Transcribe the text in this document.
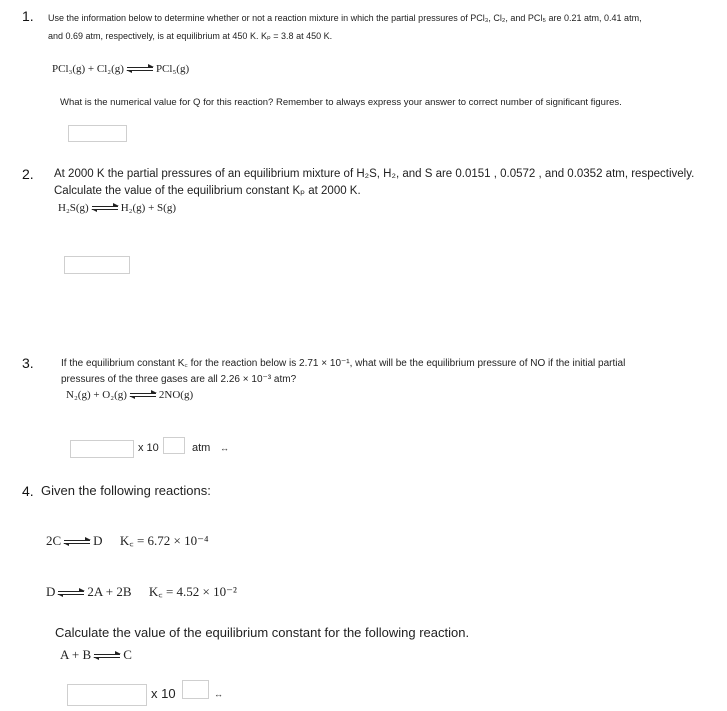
1. Use the information below to determine whether or not a reaction mixture in which the partial pressures of PCl₃, Cl₂, and PCl₅ are 0.21 atm, 0.41 atm,
and 0.69 atm, respectively, is at equilibrium at 450 K. Kₚ = 3.8 at 450 K.
PCl₃(g) + Cl₂(g)	PCl₅(g)
What is the numerical value for Q for this reaction? Remember to always express your answer to correct number of significant figures.
2. At 2000 K the partial pressures of an equilibrium mixture of H₂S, H₂, and S are 0.0151 , 0.0572 , and 0.0352 atm, respectively.
Calculate the value of the equilibrium constant Kₚ at 2000 K.
H₂S(g)	H₂(g) + S(g)
3.	If the equilibrium constant K꜀ for the reaction below is 2.71 × 10⁻¹, what will be the equilibrium pressure of NO if the initial partial
pressures of the three gases are all 2.26 × 10⁻³ atm?
N₂(g) + O₂(g)	2NO(g)
x 10	atm ↔
4. Given the following reactions:
2C D K꜀ = 6.72 × 10⁻⁴
D 2A + 2B K꜀ = 4.52 × 10⁻²
Calculate the value of the equilibrium constant for the following reaction.
A + B C
x 10	↔
